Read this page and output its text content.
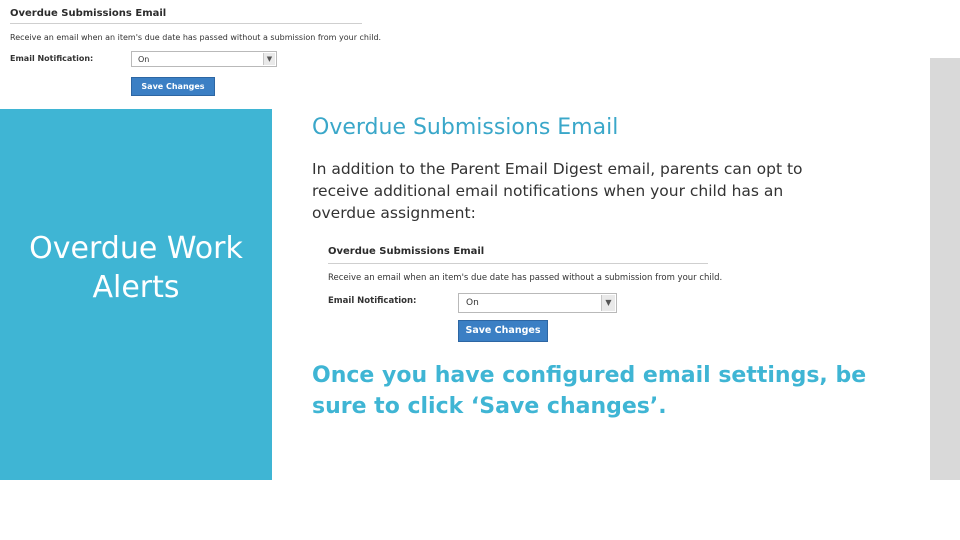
Overdue Submissions Email
Receive an email when an item's due date has passed without a submission from your child.
Email Notification:	On	▼
Save Changes
Overdue Work
Alerts
Overdue Submissions Email
In addition to the Parent Email Digest email, parents can opt to receive additional email notifications when your child has an overdue assignment:
Overdue Submissions Email
Receive an email when an item's due date has passed without a submission from your child.
Email Notification:	On	▼
Save Changes
Once you have configured email settings, be sure to click ‘Save changes’.
